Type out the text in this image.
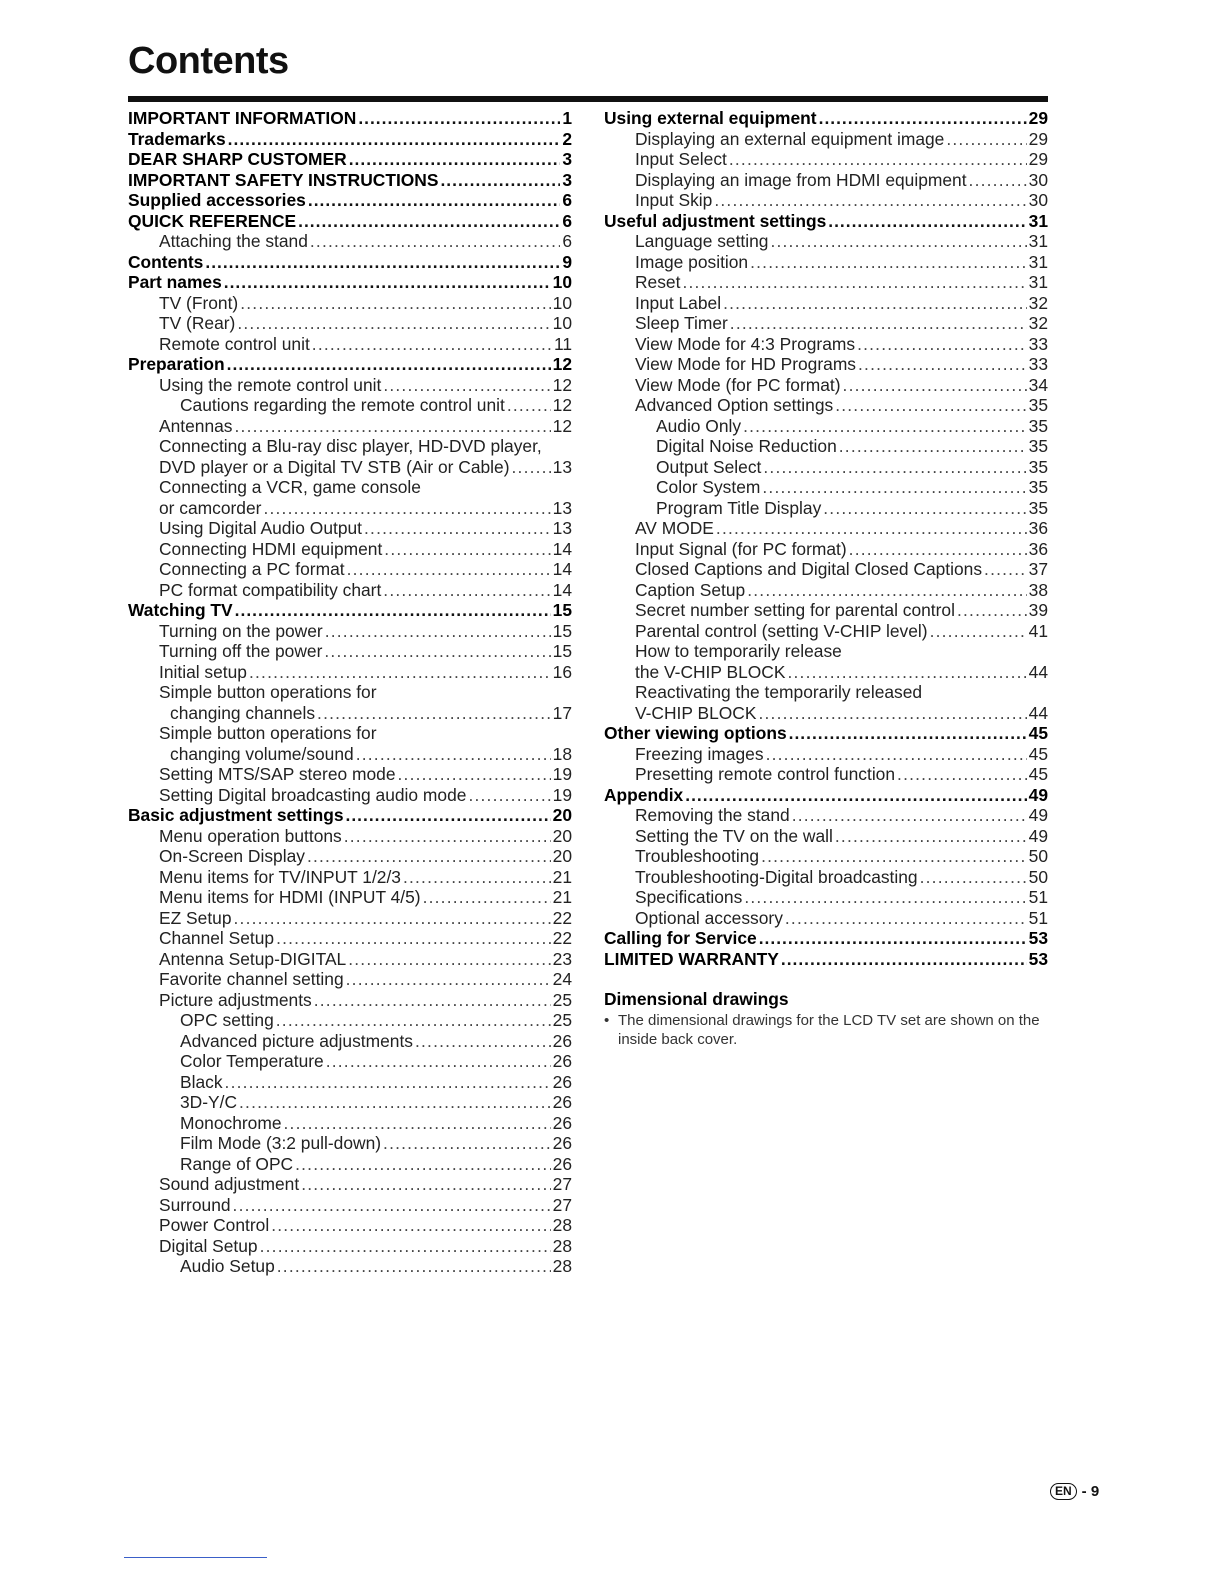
Contents
IMPORTANT INFORMATION .....	1
Trademarks .....	2
DEAR SHARP CUSTOMER .....	3
IMPORTANT SAFETY INSTRUCTIONS .....	3
Supplied accessories .....	6
QUICK REFERENCE .....	6
Attaching the stand .....	6
Contents .....	9
Part names .....	10
TV (Front) .....	10
TV (Rear) .....	10
Remote control unit .....	11
Preparation .....	12
Using the remote control unit .....	12
Cautions regarding the remote control unit .....	12
Antennas .....	12
Connecting a Blu-ray disc player, HD-DVD player,
DVD player or a Digital TV STB (Air or Cable) ..... 13
Connecting a VCR, game console
or camcorder .....	13
Using Digital Audio Output .....	13
Connecting HDMI equipment .....	14
Connecting a PC format .....	14
PC format compatibility chart .....	14
Watching TV .....	15
Turning on the power .....	15
Turning off the power .....	15
Initial setup .....	16
Simple button operations for
changing channels .....	17
Simple button operations for
changing volume/sound .....	18
Setting MTS/SAP stereo mode .....	19
Setting Digital broadcasting audio mode .....	19
Basic adjustment settings .....	20
Menu operation buttons .....	20
On-Screen Display .....	20
Menu items for TV/INPUT 1/2/3 .....	21
Menu items for HDMI (INPUT 4/5) .....	21
EZ Setup .....	22
Channel Setup .....	22
Antenna Setup-DIGITAL .....	23
Favorite channel setting .....	24
Picture adjustments .....	25
OPC setting .....	25
Advanced picture adjustments .....	26
Color Temperature .....	26
Black .....	26
3D-Y/C .....	26
Monochrome .....	26
Film Mode (3:2 pull-down) .....	26
Range of OPC .....	26
Sound adjustment .....	27
Surround .....	27
Power Control .....	28
Digital Setup .....	28
Audio Setup .....	28
Using external equipment .....	29
Displaying an external equipment image .....	29
Input Select .....	29
Displaying an image from HDMI equipment .....	30
Input Skip .....	30
Useful adjustment settings .....	31
Language setting .....	31
Image position .....	31
Reset .....	31
Input Label .....	32
Sleep Timer .....	32
View Mode for 4:3 Programs .....	33
View Mode for HD Programs .....	33
View Mode (for PC format) .....	34
Advanced Option settings .....	35
Audio Only .....	35
Digital Noise Reduction .....	35
Output Select .....	35
Color System .....	35
Program Title Display .....	35
AV MODE .....	36
Input Signal (for PC format) .....	36
Closed Captions and Digital Closed Captions .....	37
Caption Setup .....	38
Secret number setting for parental control .....	39
Parental control (setting V-CHIP level) .....	41
How to temporarily release
the V-CHIP BLOCK .....	44
Reactivating the temporarily released
V-CHIP BLOCK .....	44
Other viewing options .....	45
Freezing images .....	45
Presetting remote control function .....	45
Appendix .....	49
Removing the stand .....	49
Setting the TV on the wall .....	49
Troubleshooting .....	50
Troubleshooting-Digital broadcasting .....	50
Specifications .....	51
Optional accessory .....	51
Calling for Service .....	53
LIMITED WARRANTY .....	53
Dimensional drawings
• The dimensional drawings for the LCD TV set are shown on the inside back cover.
EN - 9
